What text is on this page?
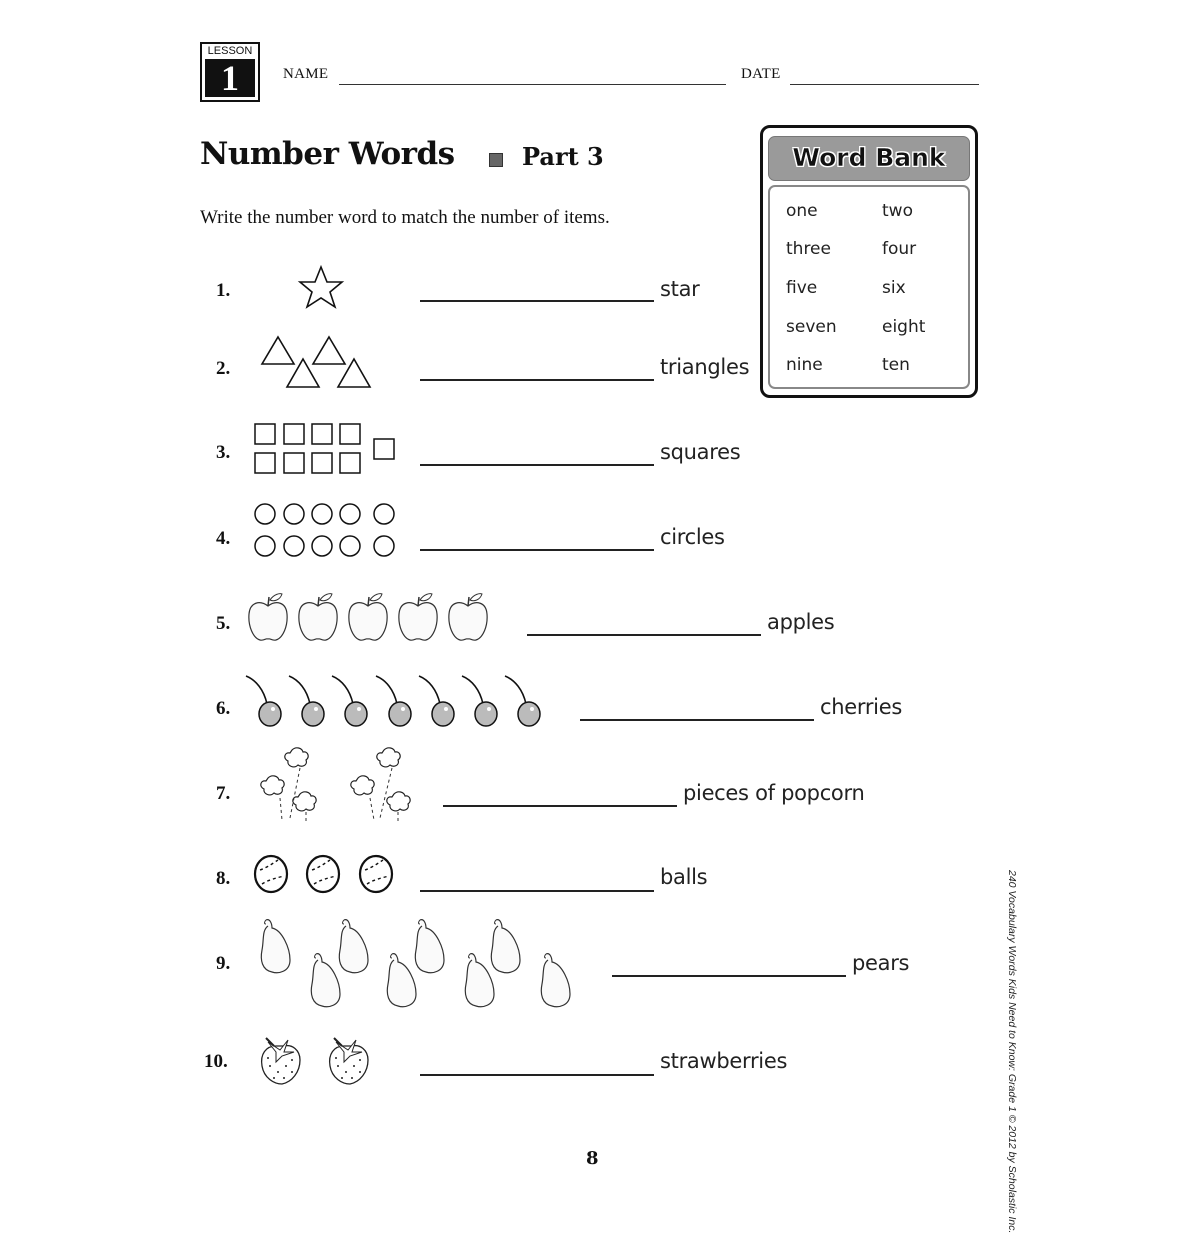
LESSON
1	NAME	DATE
Number Words	Part 3
Write the number word to match the number of items.
Word Bank
one	two
three	four
five	six
seven	eight
nine	ten
1.	star
2.	triangles
3.	squares
4.	circles
5.	apples
6.	cherries
7.	pieces of popcorn
8.	balls
9.	pears
10.	strawberries	240 Vocabulary Words Kids Need to Know: Grade 1 © 2012 by Scholastic Inc.
8
